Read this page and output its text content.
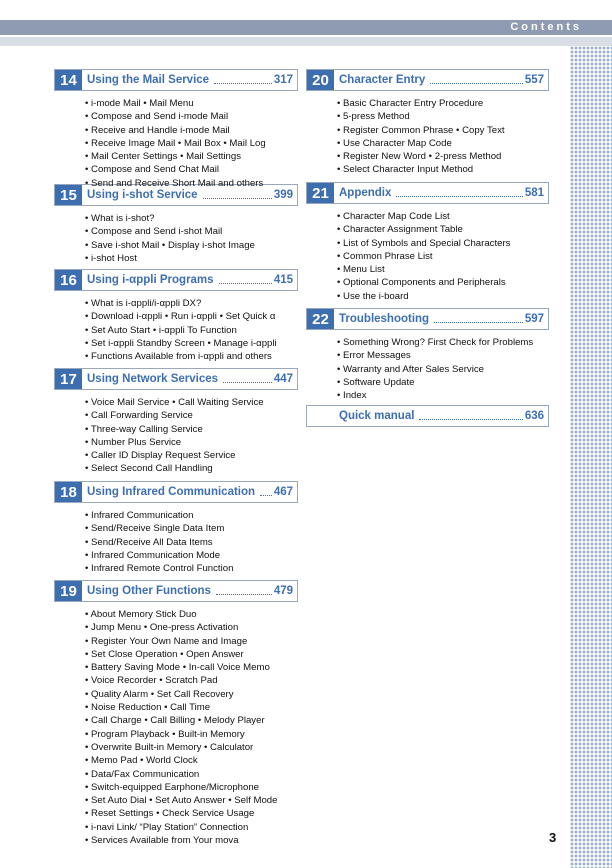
Contents
14 Using the Mail Service	317
• i-mode Mail • Mail Menu
• Compose and Send i-mode Mail
• Receive and Handle i-mode Mail
• Receive Image Mail • Mail Box • Mail Log
• Mail Center Settings • Mail Settings
• Compose and Send Chat Mail
• Send and Receive Short Mail and others
15 Using i-shot Service	399
• What is i-shot?
• Compose and Send i-shot Mail
• Save i-shot Mail • Display i-shot Image
• i-shot Host
16 Using i-αppli Programs	415
• What is i-αppli/i-αppli DX?
• Download i-αppli • Run i-αppli • Set Quick α
• Set Auto Start • i-αppli To Function
• Set i-αppli Standby Screen • Manage i-αppli
• Functions Available from i-αppli and others
17 Using Network Services	447
• Voice Mail Service • Call Waiting Service
• Call Forwarding Service
• Three-way Calling Service
• Number Plus Service
• Caller ID Display Request Service
• Select Second Call Handling
18 Using Infrared Communication 467
• Infrared Communication
• Send/Receive Single Data Item
• Send/Receive All Data Items
• Infrared Communication Mode
• Infrared Remote Control Function
19 Using Other Functions	479
• About Memory Stick Duo
• Jump Menu • One-press Activation
• Register Your Own Name and Image
• Set Close Operation • Open Answer
• Battery Saving Mode • In-call Voice Memo
• Voice Recorder • Scratch Pad
• Quality Alarm • Set Call Recovery
• Noise Reduction • Call Time
• Call Charge • Call Billing • Melody Player
• Program Playback • Built-in Memory
• Overwrite Built-in Memory • Calculator
• Memo Pad • World Clock
• Data/Fax Communication
• Switch-equipped Earphone/Microphone
• Set Auto Dial • Set Auto Answer • Self Mode
• Reset Settings • Check Service Usage
• i-navi Link/ “Play Station” Connection
• Services Available from Your mova
20 Character Entry	557
• Basic Character Entry Procedure
• 5-press Method
• Register Common Phrase • Copy Text
• Use Character Map Code
• Register New Word • 2-press Method
• Select Character Input Method
21 Appendix	581
• Character Map Code List
• Character Assignment Table
• List of Symbols and Special Characters
• Common Phrase List
• Menu List
• Optional Components and Peripherals
• Use the i-board
22 Troubleshooting	597
• Something Wrong? First Check for Problems
• Error Messages
• Warranty and After Sales Service
• Software Update
• Index
Quick manual	636
3
